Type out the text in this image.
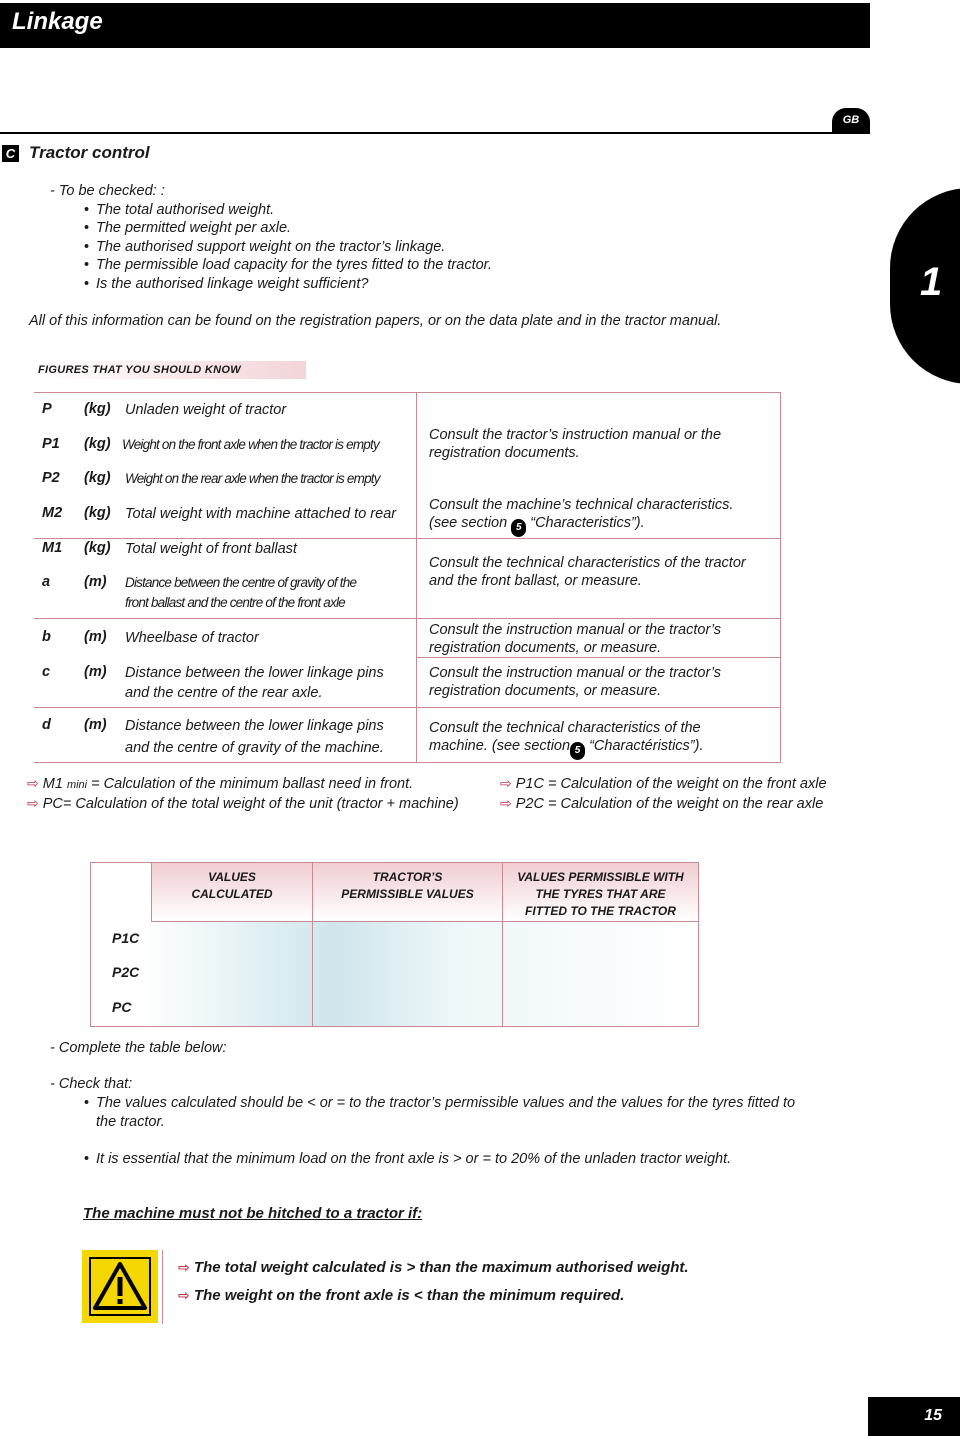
Linkage
GB
1
C Tractor control
- To be checked: :
• The total authorised weight.
• The permitted weight per axle.
• The authorised support weight on the tractor’s linkage.
• The permissible load capacity for the tyres fitted to the tractor.
• Is the authorised linkage weight sufficient?
All of this information can be found on the registration papers, or on the data plate and in the tractor manual.
FIGURES THAT YOU SHOULD KNOW
P (kg) Unladen weight of tractor
P1 (kg) Weight on the front axle when the tractor is empty
P2 (kg) Weight on the rear axle when the tractor is empty
M2 (kg) Total weight with machine attached to rear
M1 (kg) Total weight of front ballast
a (m) Distance between the centre of gravity of the
front ballast and the centre of the front axle
b (m) Wheelbase of tractor
c (m) Distance between the lower linkage pins
and the centre of the rear axle.
d (m) Distance between the lower linkage pins
and the centre of gravity of the machine.
Consult the tractor’s instruction manual or the
registration documents.
Consult the machine’s technical characteristics.
(see section 5 “Characteristics”).
Consult the technical characteristics of the tractor
and the front ballast, or measure.
Consult the instruction manual or the tractor’s
registration documents, or measure.
Consult the instruction manual or the tractor’s
registration documents, or measure.
Consult the technical characteristics of the
machine. (see section 5 “Charactéristics”).
⇨ M1 mini = Calculation of the minimum ballast need in front.	⇨ P1C = Calculation of the weight on the front axle
⇨ PC= Calculation of the total weight of the unit (tractor + machine)	⇨ P2C = Calculation of the weight on the rear axle
VALUES
CALCULATED
TRACTOR’S
PERMISSIBLE VALUES
VALUES PERMISSIBLE WITH
THE TYRES THAT ARE
FITTED TO THE TRACTOR
P1C
P2C
PC
- Complete the table below:
- Check that:
• The values calculated should be < or = to the tractor’s permissible values and the values for the tyres fitted to
the tractor.
• It is essential that the minimum load on the front axle is > or = to 20% of the unladen tractor weight.
The machine must not be hitched to a tractor if:
⇨ The total weight calculated is > than the maximum authorised weight.
⇨ The weight on the front axle is < than the minimum required.
15
